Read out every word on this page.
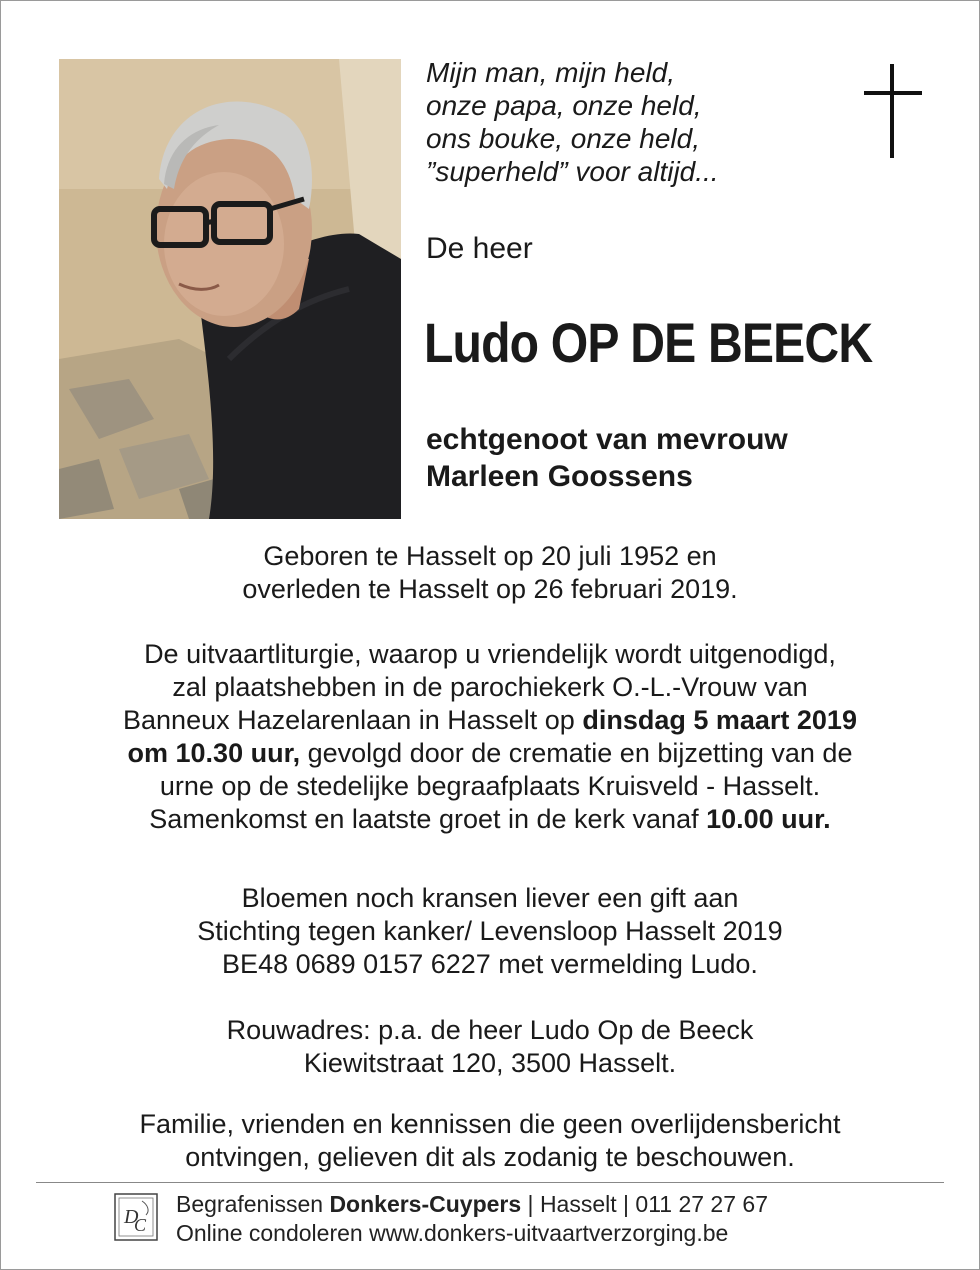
Mijn man, mijn held,
onze papa, onze held,
ons bouke, onze held,
”superheld” voor altijd...
De heer
Ludo OP DE BEECK
echtgenoot van mevrouw
Marleen Goossens
Geboren te Hasselt op 20 juli 1952 en
overleden te Hasselt op 26 februari 2019.
De uitvaartliturgie, waarop u vriendelijk wordt uitgenodigd,
zal plaatshebben in de parochiekerk O.-L.-Vrouw van
Banneux Hazelarenlaan in Hasselt op dinsdag 5 maart 2019
om 10.30 uur, gevolgd door de crematie en bijzetting van de
urne op de stedelijke begraafplaats Kruisveld - Hasselt.
Samenkomst en laatste groet in de kerk vanaf 10.00 uur.
Bloemen noch kransen liever een gift aan
Stichting tegen kanker/ Levensloop Hasselt 2019
BE48 0689 0157 6227 met vermelding Ludo.
Rouwadres: p.a. de heer Ludo Op de Beeck
Kiewitstraat 120, 3500 Hasselt.
Familie, vrienden en kennissen die geen overlijdensbericht
ontvingen, gelieven dit als zodanig te beschouwen.
D
C
Begrafenissen Donkers-Cuypers | Hasselt | 011 27 27 67
Online condoleren www.donkers-uitvaartverzorging.be
